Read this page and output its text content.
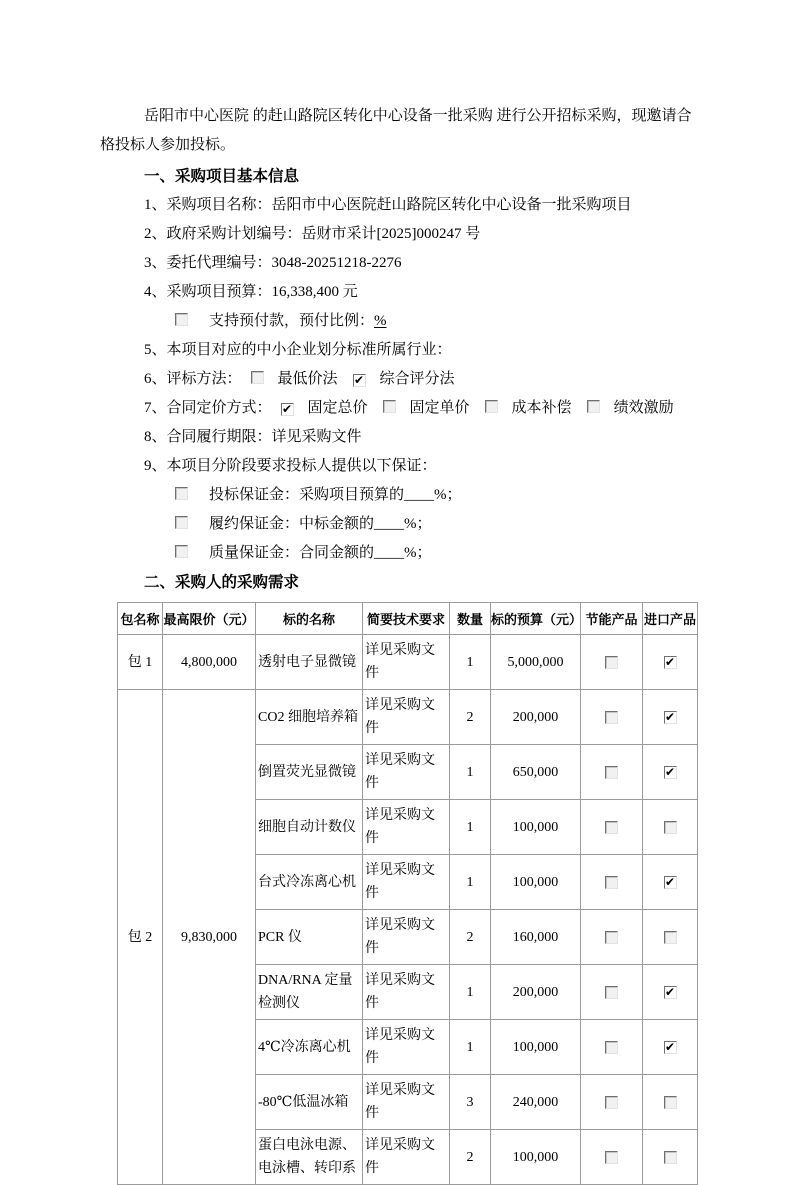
岳阳市中心医院 的赶山路院区转化中心设备一批采购 进行公开招标采购，现邀请合格投标人参加投标。

一、采购项目基本信息
1、采购项目名称：岳阳市中心医院赶山路院区转化中心设备一批采购项目
2、政府采购计划编号：岳财市采计[2025]000247 号
3、委托代理编号：3048-20251218-2276
4、采购项目预算：16,338,400 元
支持预付款，预付比例：%
5、本项目对应的中小企业划分标准所属行业：
6、评标方法： 最低价法 ✔ 综合评分法
7、合同定价方式： ✔ 固定总价	固定单价	成本补偿	绩效激励
8、合同履行期限：详见采购文件
9、本项目分阶段要求投标人提供以下保证：
投标保证金：采购项目预算的____%；
履约保证金：中标金额的____%；
质量保证金：合同金额的____%；
二、采购人的采购需求
包名称	最高限价（元）	标的名称	简要技术要求	数量	标的预算（元）	节能产品	进口产品
包 1	4,800,000	透射电子显微镜	详见采购文件	1	5,000,000		✔
包 2	9,830,000	CO2 细胞培养箱	详见采购文件	2	200,000		✔
		倒置荧光显微镜	详见采购文件	1	650,000		✔
		细胞自动计数仪	详见采购文件	1	100,000		
		台式冷冻离心机	详见采购文件	1	100,000		✔
		PCR 仪	详见采购文件	2	160,000		
		DNA/RNA 定量检测仪	详见采购文件	1	200,000		✔
		4℃冷冻离心机	详见采购文件	1	100,000		✔
		-80℃低温冰箱	详见采购文件	3	240,000		
		蛋白电泳电源、电泳槽、转印系	详见采购文件	2	100,000		
